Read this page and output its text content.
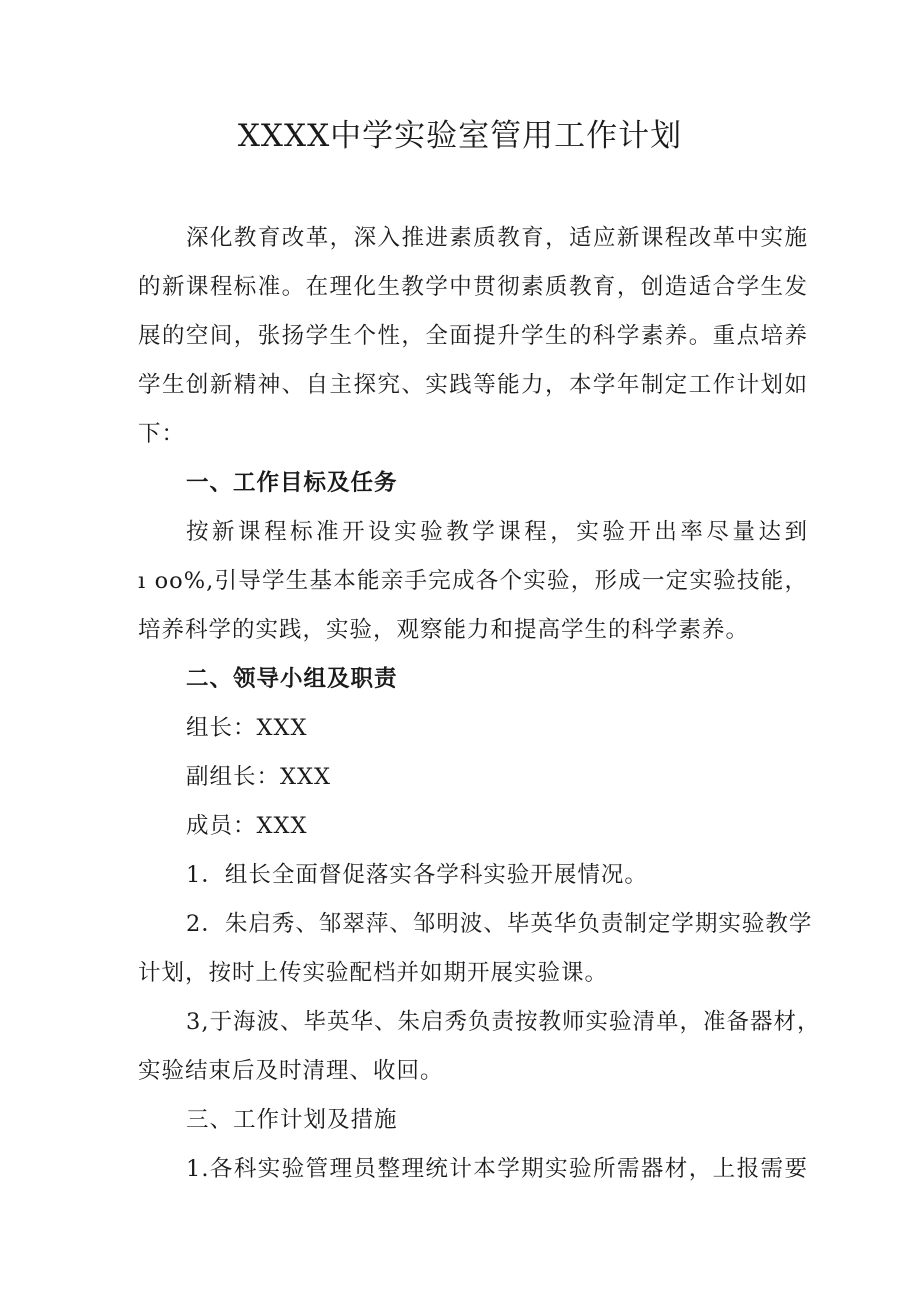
XXXX中学实验室管用工作计划
深化教育改革，深入推进素质教育，适应新课程改革中实施
的新课程标准。在理化生教学中贯彻素质教育，创造适合学生发
展的空间，张扬学生个性，全面提升学生的科学素养。重点培养
学生创新精神、自主探究、实践等能力，本学年制定工作计划如
下：
一、工作目标及任务
按新课程标准开设实验教学课程，实验开出率尽量达到
ı oo%,引导学生基本能亲手完成各个实验，形成一定实验技能，
培养科学的实践，实验，观察能力和提高学生的科学素养。
二、领导小组及职责
组长：XXX
副组长：XXX
成员：XXX
1．组长全面督促落实各学科实验开展情况。
2．朱启秀、邹翠萍、邹明波、毕英华负责制定学期实验教学
计划，按时上传实验配档并如期开展实验课。
3,于海波、毕英华、朱启秀负责按教师实验清单，准备器材，
实验结束后及时清理、收回。
三、工作计划及措施
1.各科实验管理员整理统计本学期实验所需器材，上报需要
